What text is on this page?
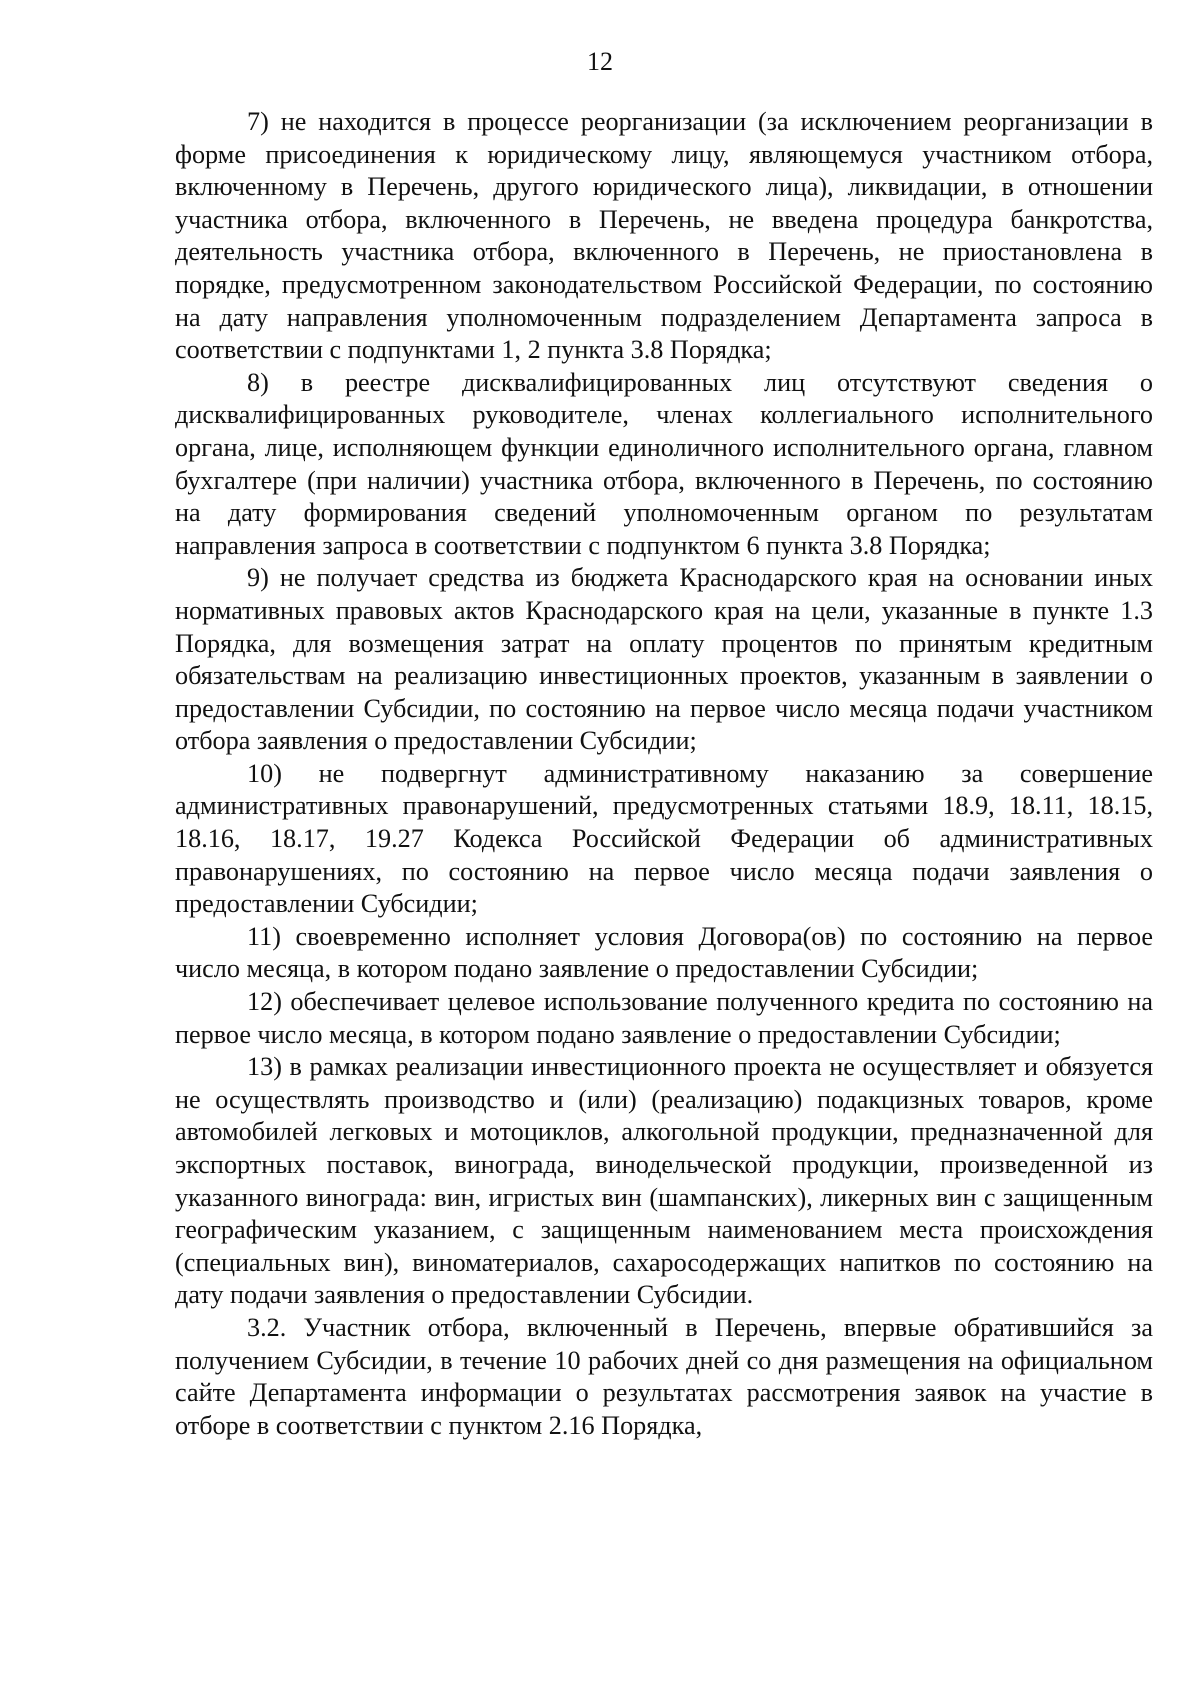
12

7) не находится в процессе реорганизации (за исключением реорганизации в форме присоединения к юридическому лицу, являющемуся участником отбора, включенному в Перечень, другого юридического лица), ликвидации, в отношении участника отбора, включенного в Перечень, не введена процедура банкротства, деятельность участника отбора, включенного в Перечень, не приостановлена в порядке, предусмотренном законодательством Российской Федерации, по состоянию на дату направления уполномоченным подразделением Департамента запроса в соответствии с подпунктами 1, 2 пункта 3.8 Порядка;

8) в реестре дисквалифицированных лиц отсутствуют сведения о дисквалифицированных руководителе, членах коллегиального исполнительного органа, лице, исполняющем функции единоличного исполнительного органа, главном бухгалтере (при наличии) участника отбора, включенного в Перечень, по состоянию на дату формирования сведений уполномоченным органом по результатам направления запроса в соответствии с подпунктом 6 пункта 3.8 Порядка;

9) не получает средства из бюджета Краснодарского края на основании иных нормативных правовых актов Краснодарского края на цели, указанные в пункте 1.3 Порядка, для возмещения затрат на оплату процентов по принятым кредитным обязательствам на реализацию инвестиционных проектов, указанным в заявлении о предоставлении Субсидии, по состоянию на первое число месяца подачи участником отбора заявления о предоставлении Субсидии;

10) не подвергнут административному наказанию за совершение административных правонарушений, предусмотренных статьями 18.9, 18.11, 18.15, 18.16, 18.17, 19.27 Кодекса Российской Федерации об административных правонарушениях, по состоянию на первое число месяца подачи заявления о предоставлении Субсидии;

11) своевременно исполняет условия Договора(ов) по состоянию на первое число месяца, в котором подано заявление о предоставлении Субсидии;

12) обеспечивает целевое использование полученного кредита по состоянию на первое число месяца, в котором подано заявление о предоставлении Субсидии;

13) в рамках реализации инвестиционного проекта не осуществляет и обязуется не осуществлять производство и (или) (реализацию) подакцизных товаров, кроме автомобилей легковых и мотоциклов, алкогольной продукции, предназначенной для экспортных поставок, винограда, винодельческой продукции, произведенной из указанного винограда: вин, игристых вин (шампанских), ликерных вин с защищенным географическим указанием, с защищенным наименованием места происхождения (специальных вин), виноматериалов, сахаросодержащих напитков по состоянию на дату подачи заявления о предоставлении Субсидии.

3.2. Участник отбора, включенный в Перечень, впервые обратившийся за получением Субсидии, в течение 10 рабочих дней со дня размещения на официальном сайте Департамента информации о результатах рассмотрения заявок на участие в отборе в соответствии с пунктом 2.16 Порядка,
